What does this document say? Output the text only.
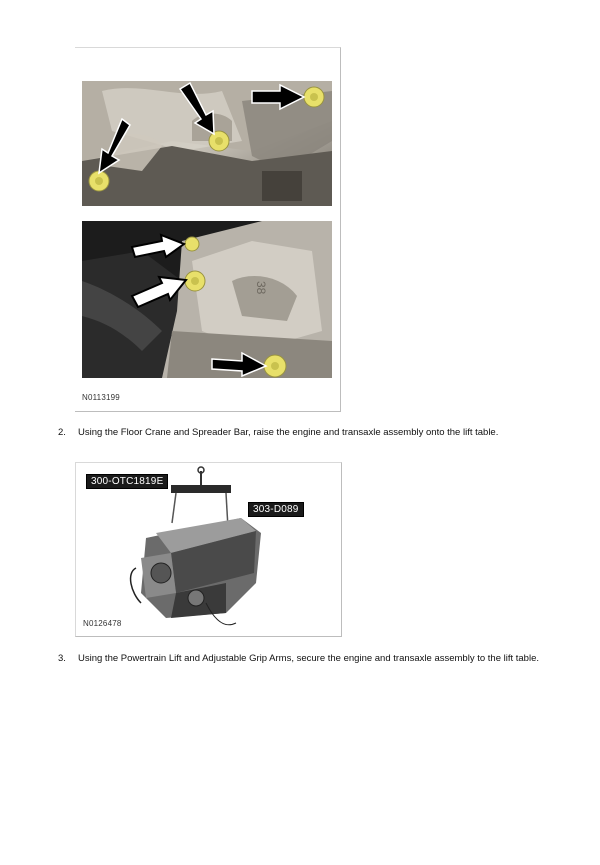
38
N0113199
2. Using the Floor Crane and Spreader Bar, raise the engine and transaxle assembly onto the lift table.
300-OTC1819E
303-D089
N0126478
3. Using the Powertrain Lift and Adjustable Grip Arms, secure the engine and transaxle assembly to the lift table.
